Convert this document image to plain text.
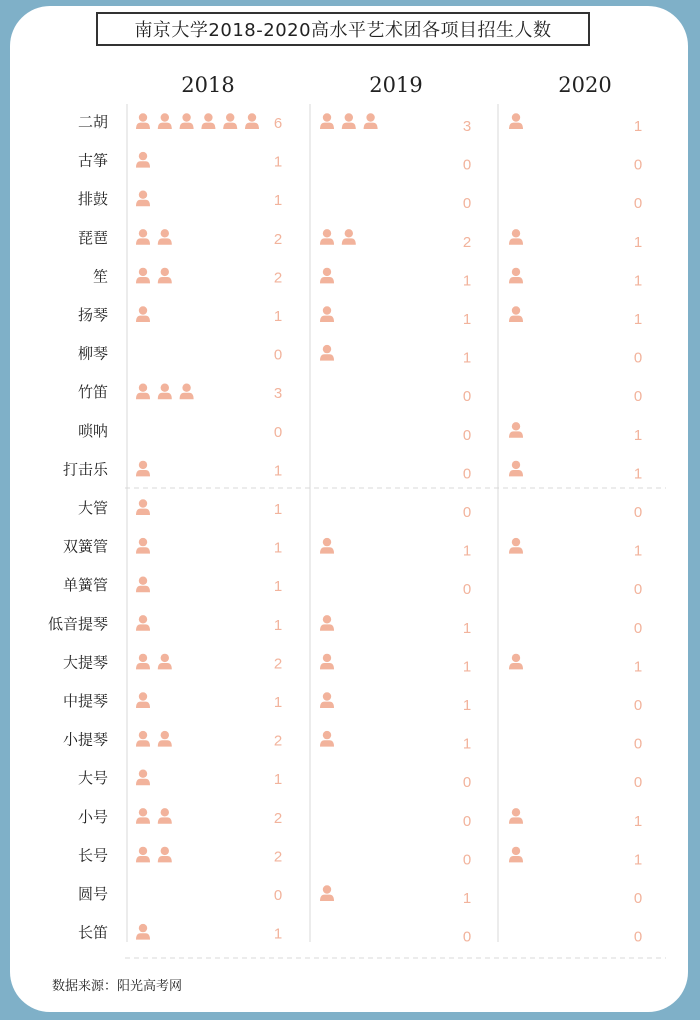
南京大学2018-2020高水平艺术团各项目招生人数
2018	2019	2020
二胡	6	3	1
古筝	1	0	0
排鼓	1	0	0
琵琶	2	2	1
笙	2	1	1
扬琴	1	1	1
柳琴	0	1	0
竹笛	3	0	0
唢呐	0	0	1
打击乐	1	0	1
大管	1	0	0
双簧管	1	1	1
单簧管	1	0	0
低音提琴	1	1	0
大提琴	2	1	1
中提琴	1	1	0
小提琴	2	1	0
大号	1	0	0
小号	2	0	1
长号	2	0	1
圆号	0	1	0
长笛	1	0	0
数据来源：阳光高考网
